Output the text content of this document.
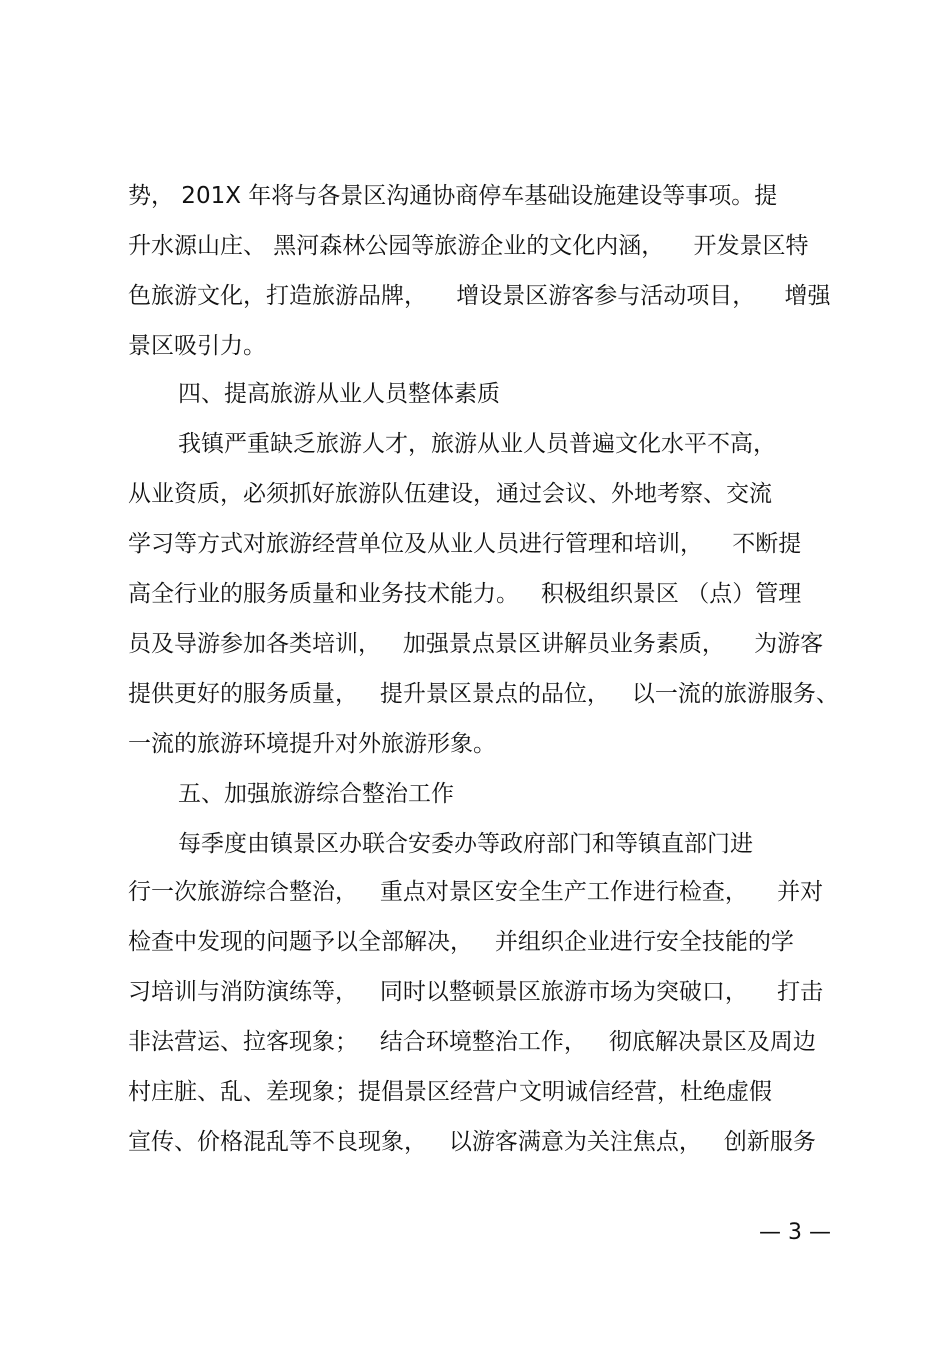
势， 201X 年将与各景区沟通协商停车基础设施建设等事项。提
升水源山庄、 黑河森林公园等旅游企业的文化内涵，    开发景区特
色旅游文化，打造旅游品牌，    增设景区游客参与活动项目，    增强
景区吸引力。
四、提高旅游从业人员整体素质
我镇严重缺乏旅游人才，旅游从业人员普遍文化水平不高，
从业资质，必须抓好旅游队伍建设，通过会议、外地考察、交流
学习等方式对旅游经营单位及从业人员进行管理和培训，    不断提
高全行业的服务质量和业务技术能力。   积极组织景区 （点）管理
员及导游参加各类培训，   加强景点景区讲解员业务素质，    为游客
提供更好的服务质量，   提升景区景点的品位，   以一流的旅游服务、
一流的旅游环境提升对外旅游形象。
五、加强旅游综合整治工作
每季度由镇景区办联合安委办等政府部门和等镇直部门进
行一次旅游综合整治，   重点对景区安全生产工作进行检查，    并对
检查中发现的问题予以全部解决，   并组织企业进行安全技能的学
习培训与消防演练等，   同时以整顿景区旅游市场为突破口，    打击
非法营运、拉客现象；   结合环境整治工作，   彻底解决景区及周边
村庄脏、乱、差现象；提倡景区经营户文明诚信经营，杜绝虚假
宣传、价格混乱等不良现象，   以游客满意为关注焦点，   创新服务
— 3 —
